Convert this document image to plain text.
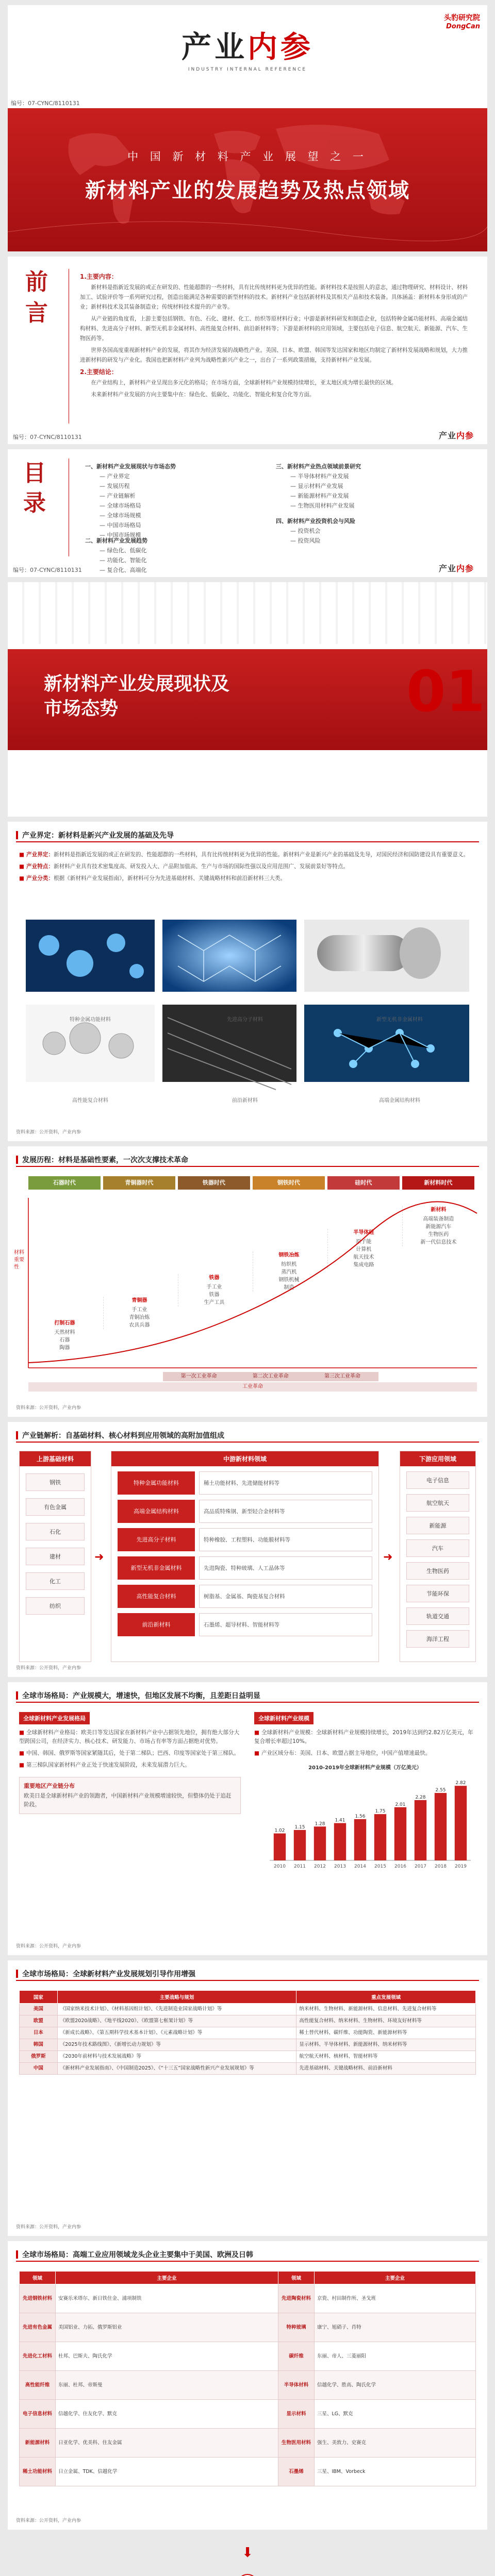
头豹研究院
DongCan
产业内参
INDUSTRY INTERNAL REFERENCE
编号：07-CYNC/8110131
中 国 新 材 料 产 业 展 望 之 一
新材料产业的发展趋势及热点领域
前
言
1.主要内容：

新材料是指新近发展的或正在研发的、性能超群的一些材料，具有比传统材料更为优异的性能。新材料技术是按照人的意志，通过物理研究、材料设计、材料加工、试验评价等一系列研究过程，创造出能满足各种需要的新型材料的技术。新材料产业包括新材料及其相关产品和技术装备。具体涵盖：新材料本身形成的产业；新材料技术及其装备制造业；传统材料技术提升的产业等。

从产业链的角度看，上游主要包括钢铁、有色、石化、建材、化工、纺织等原材料行业；中游是新材料研发和制造企业，包括特种金属功能材料、高端金属结构材料、先进高分子材料、新型无机非金属材料、高性能复合材料、前沿新材料等；下游是新材料的应用领域，主要包括电子信息、航空航天、新能源、汽车、生物医药等。

世界各国高度重视新材料产业的发展，将其作为经济发展的战略性产业。美国、日本、欧盟、韩国等发达国家和地区均制定了新材料发展战略和规划，大力推进新材料的研发与产业化。我国也把新材料产业列为战略性新兴产业之一，出台了一系列政策措施，支持新材料产业发展。

2.主要结论：

在产业结构上，新材料产业呈现出多元化的格局；在市场方面，全球新材料产业规模持续增长，亚太地区成为增长最快的区域。

未来新材料产业发展的方向主要集中在：绿色化、低碳化、功能化、智能化和复合化等方面。

编号：07-CYNC/8110131	产业内参
目
录
一、新材料产业发展现状与市场态势
— 产业界定
— 发展历程
— 产业链解析
— 全球市场格局
— 全球市场规模
— 中国市场格局
— 中国市场规模
三、新材料产业热点领域前景研究
— 半导体材料产业发展
— 显示材料产业发展
— 新能源材料产业发展
— 生物医用材料产业发展
二、新材料产业发展趋势
— 绿色化、低碳化
— 功能化、智能化
— 复合化、高端化
四、新材料产业投资机会与风险
— 投资机会
— 投资风险
编号：07-CYNC/8110131	产业内参
新材料产业发展现状及
市场态势	01
产业界定：新材料是新兴产业发展的基础及先导

■ 产业界定：新材料是指新近发展的或正在研发的、性能超群的一些材料，具有比传统材料更为优异的性能。新材料产业是新兴产业的基础及先导，对国民经济和国防建设具有重要意义。

■ 产业特点：新材料产业具有技术密集度高、研发投入大、产品附加值高、生产与市场的国际性强以及应用范围广、发展前景好等特点。

■ 产业分类：根据《新材料产业发展指南》，新材料可分为先进基础材料、关键战略材料和前沿新材料三大类。

特种金属功能材料	先进高分子材料	新型无机非金属材料
高性能复合材料	前沿新材料	高端金属结构材料
资料来源：公开资料，产业内参
发展历程：材料是基础性要素，一次次支撑技术革命
石器时代	青铜器时代	铁器时代	钢铁时代	硅时代	新材料时代
打制石器
天然材料
石器
陶器
青铜器
手工业
青铜冶炼
农具兵器
铁器
手工业
铁器
生产工具
钢铁冶炼
纺织机
蒸汽机
钢铁机械
制造
半导体硅
原子能
计算机
航天技术
集成电路
新材料
高端装备制造
新能源汽车
生物医药
新一代信息技术
材料重要性
第一次工业革命	第二次工业革命	第三次工业革命
工业革命
资料来源：公开资料，产业内参
产业链解析：自基础材料、核心材料到应用领域的高附加值组成
上游基础材料
钢铁
有色金属
石化
建材
化工
纺织
中游新材料领域
特种金属功能材料	稀土功能材料、先进储能材料等
高端金属结构材料	高品质特殊钢、新型轻合金材料等
先进高分子材料	特种橡胶、工程塑料、功能膜材料等
新型无机非金属材料	先进陶瓷、特种玻璃、人工晶体等
高性能复合材料	树脂基、金属基、陶瓷基复合材料
前沿新材料	石墨烯、超导材料、智能材料等
下游应用领域
电子信息
航空航天
新能源
汽车
生物医药
节能环保
轨道交通
海洋工程
➜	➜
资料来源：公开资料，产业内参
全球市场格局：产业规模大，增速快，但地区发展不均衡，且差距日益明显
全球新材料产业发展格局

■ 全球新材料产业格局：欧美日等发达国家在新材料产业中占据领先地位，拥有绝大部分大型跨国公司，在经济实力、核心技术、研发能力、市场占有率等方面占据绝对优势。

■ 中国、韩国、俄罗斯等国家紧随其后，处于第二梯队；巴西、印度等国家处于第三梯队。

■ 第三梯队国家新材料产业正处于快速发展阶段，未来发展潜力巨大。

重要地区产业链分布
欧美日是全球新材料产业的领跑者，中国新材料产业规模增速较快，但整体仍处于追赶阶段。
全球新材料产业规模

■ 全球新材料产业规模：全球新材料产业规模持续增长，2019年达到约2.82万亿美元，年复合增长率超过10%。

■ 产业区域分布：美国、日本、欧盟占据主导地位，中国产值增速最快。

2010-2019年全球新材料产业规模（万亿美元）
1.02
2010
1.15
2011
1.28
2012
1.41
2013
1.56
2014
1.75
2015
2.01
2016
2.28
2017
2.55
2018
2.82
2019
资料来源：公开资料，产业内参
全球市场格局：全球新材料产业发展规划引导作用增强
国家	主要战略与规划	重点发展领域
美国	《国家纳米技术计划》、《材料基因组计划》、《先进制造业国家战略计划》等	纳米材料、生物材料、新能源材料、信息材料、先进复合材料等
欧盟	《欧盟2020战略》、《地平线2020》、《欧盟第七框架计划》等	高性能复合材料、纳米材料、生物材料、环境友好材料等
日本	《新成长战略》、《第五期科学技术基本计划》、《元素战略计划》等	稀土替代材料、碳纤维、功能陶瓷、新能源材料等
韩国	《2025年技术路线图》、《新增长动力规划》等	显示材料、半导体材料、新能源材料、纳米材料等
俄罗斯	《2030年前材料与技术发展战略》等	航空航天材料、核材料、智能材料等
中国	《新材料产业发展指南》、《中国制造2025》、《“十三五”国家战略性新兴产业发展规划》等	先进基础材料、关键战略材料、前沿新材料
资料来源：公开资料，产业内参
全球市场格局：高端工业应用领域龙头企业主要集中于美国、欧洲及日韩
领域	主要企业	领域	主要企业
先进钢铁材料	安赛乐米塔尔、新日铁住金、浦项制铁	先进陶瓷材料	京瓷、村田制作所、圣戈班
先进有色金属	美国铝业、力拓、俄罗斯铝业	特种玻璃	康宁、旭硝子、肖特
先进化工材料	杜邦、巴斯夫、陶氏化学	碳纤维	东丽、帝人、三菱丽阳
高性能纤维	东丽、杜邦、帝斯曼	半导体材料	信越化学、胜高、陶氏化学
电子信息材料	信越化学、住友化学、默克	显示材料	三星、LG、默克
新能源材料	日亚化学、优美科、住友金属	生物医用材料	强生、美敦力、史赛克
稀土功能材料	日立金属、TDK、信越化学	石墨烯	三星、IBM、Vorbeck
资料来源：公开资料，产业内参
⬇
